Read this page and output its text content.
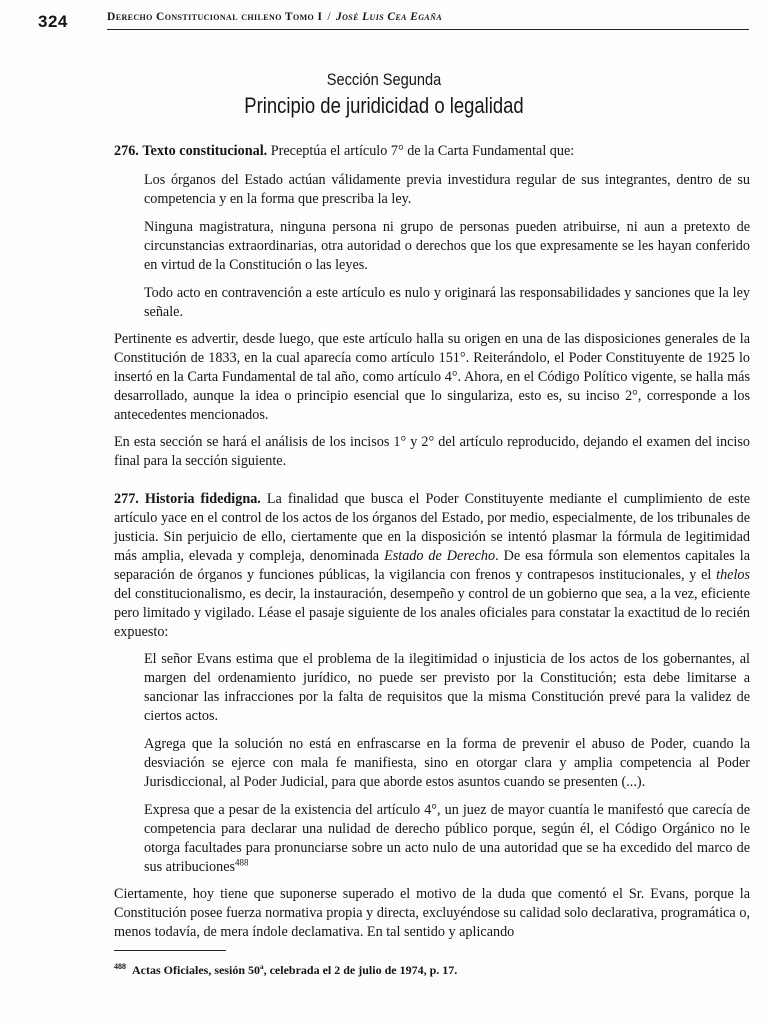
324	Derecho Constitucional chileno Tomo I / José Luis Cea Egaña
Sección Segunda
Principio de juridicidad o legalidad

276. Texto constitucional. Preceptúa el artículo 7° de la Carta Fundamental que:

Los órganos del Estado actúan válidamente previa investidura regular de sus integrantes, dentro de su competencia y en la forma que prescriba la ley.

Ninguna magistratura, ninguna persona ni grupo de personas pueden atribuirse, ni aun a pretexto de circunstancias extraordinarias, otra autoridad o derechos que los que expresamente se les hayan conferido en virtud de la Constitución o las leyes.

Todo acto en contravención a este artículo es nulo y originará las responsabilidades y sanciones que la ley señale.

Pertinente es advertir, desde luego, que este artículo halla su origen en una de las disposiciones generales de la Constitución de 1833, en la cual aparecía como artículo 151°. Reiterándolo, el Poder Constituyente de 1925 lo insertó en la Carta Fundamental de tal año, como artículo 4°. Ahora, en el Código Político vigente, se halla más desarrollado, aunque la idea o principio esencial que lo singulariza, esto es, su inciso 2°, corresponde a los antecedentes mencionados.

En esta sección se hará el análisis de los incisos 1° y 2° del artículo reproducido, dejando el examen del inciso final para la sección siguiente.

277. Historia fidedigna. La finalidad que busca el Poder Constituyente mediante el cumplimiento de este artículo yace en el control de los actos de los órganos del Estado, por medio, especialmente, de los tribunales de justicia. Sin perjuicio de ello, ciertamente que en la disposición se intentó plasmar la fórmula de legitimidad más amplia, elevada y compleja, denominada Estado de Derecho. De esa fórmula son elementos capitales la separación de órganos y funciones públicas, la vigilancia con frenos y contrapesos institucionales, y el thelos del constitucionalismo, es decir, la instauración, desempeño y control de un gobierno que sea, a la vez, eficiente pero limitado y vigilado. Léase el pasaje siguiente de los anales oficiales para constatar la exactitud de lo recién expuesto:

El señor Evans estima que el problema de la ilegitimidad o injusticia de los actos de los gobernantes, al margen del ordenamiento jurídico, no puede ser previsto por la Constitución; esta debe limitarse a sancionar las infracciones por la falta de requisitos que la misma Constitución prevé para la validez de ciertos actos.

Agrega que la solución no está en enfrascarse en la forma de prevenir el abuso de Poder, cuando la desviación se ejerce con mala fe manifiesta, sino en otorgar clara y amplia competencia al Poder Jurisdiccional, al Poder Judicial, para que aborde estos asuntos cuando se presenten (...).

Expresa que a pesar de la existencia del artículo 4°, un juez de mayor cuantía le manifestó que carecía de competencia para declarar una nulidad de derecho público porque, según él, el Código Orgánico no le otorga facultades para pronunciarse sobre un acto nulo de una autoridad que se ha excedido del marco de sus atribuciones$^{488}$

Ciertamente, hoy tiene que suponerse superado el motivo de la duda que comentó el Sr. Evans, porque la Constitución posee fuerza normativa propia y directa, excluyéndose su calidad solo declarativa, programática o, menos todavía, de mera índole declamativa. En tal sentido y aplicando

$^{488}$ Actas Oficiales, sesión 50ª, celebrada el 2 de julio de 1974, p. 17.
